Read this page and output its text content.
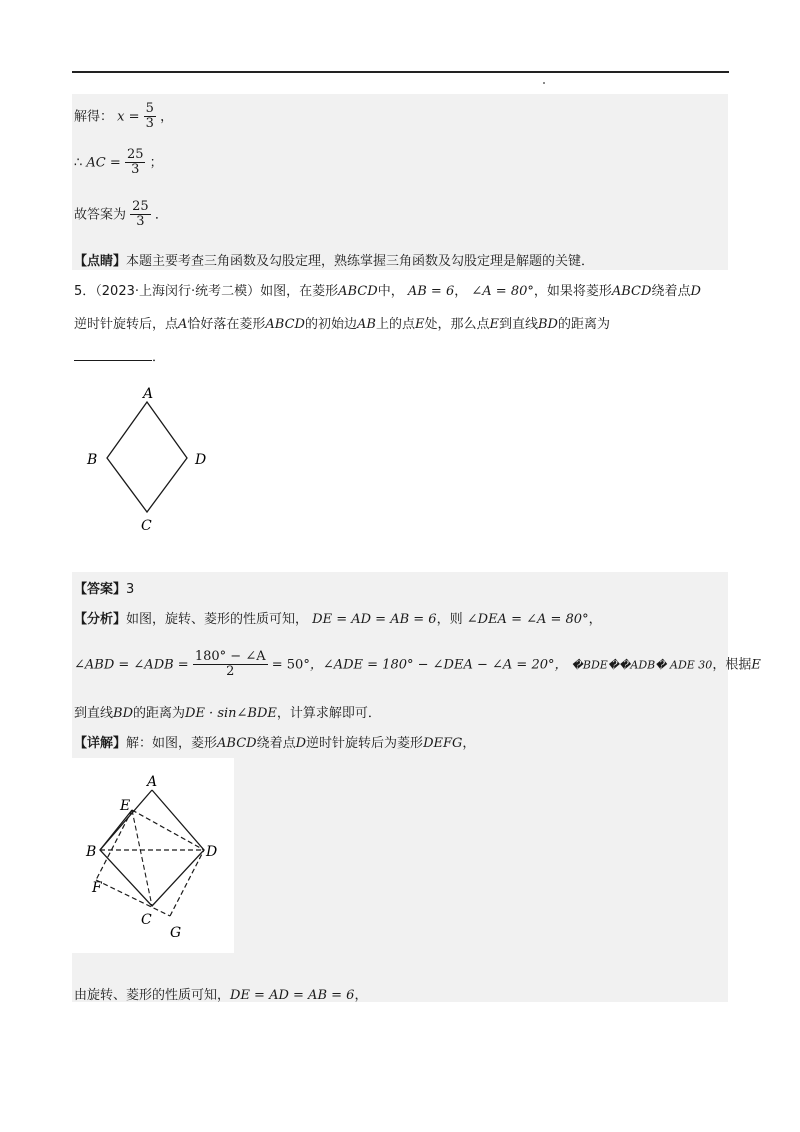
解得： $x = \frac{5}{3}$ ，
∴ AC = $\frac{25}{3}$ ；
故答案为 $\frac{25}{3}$ ．
【点睛】本题主要考查三角函数及勾股定理，熟练掌握三角函数及勾股定理是解题的关键．
5．（2023·上海闵行·统考二模）如图，在菱形ABCD中， AB = 6， ∠A = 80°，如果将菱形ABCD绕着点D
逆时针旋转后，点A恰好落在菱形ABCD的初始边AB上的点E处，那么点E到直线BD的距离为
．
A
B
C
D
【答案】3
【分析】如图，旋转、菱形的性质可知， DE = AD = AB = 6，则 ∠DEA = ∠A = 80°，
∠ABD = ∠ADB = $\frac{180^\circ - \angle A}{2} = 50^\circ$，∠ADE = 180° − ∠DEA − ∠A = 20°， �BDE��ADB� ADE 30，根据E
到直线BD的距离为DE · sin∠BDE，计算求解即可．
【详解】解：如图，菱形ABCD绕着点D逆时针旋转后为菱形DEFG，
A
E
B	D
F
C
G
由旋转、菱形的性质可知，DE = AD = AB = 6，
